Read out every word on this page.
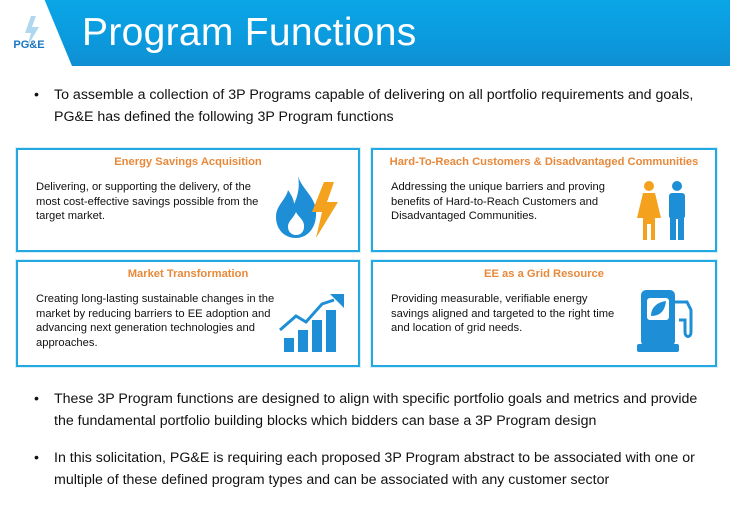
PG&E Program Functions
• To assemble a collection of 3P Programs capable of delivering on all portfolio requirements and goals, PG&E has defined the following 3P Program functions
Energy Savings Acquisition
Delivering, or supporting the delivery, of the most cost-effective savings possible from the target market.
Hard-To-Reach Customers & Disadvantaged Communities
Addressing the unique barriers and proving benefits of Hard-to-Reach Customers and Disadvantaged Communities.
Market Transformation
Creating long-lasting sustainable changes in the market by reducing barriers to EE adoption and advancing next generation technologies and approaches.
EE as a Grid Resource
Providing measurable, verifiable energy savings aligned and targeted to the right time and location of grid needs.
• These 3P Program functions are designed to align with specific portfolio goals and metrics and provide the fundamental portfolio building blocks which bidders can base a 3P Program design
• In this solicitation, PG&E is requiring each proposed 3P Program abstract to be associated with one or multiple of these defined program types and can be associated with any customer sector
